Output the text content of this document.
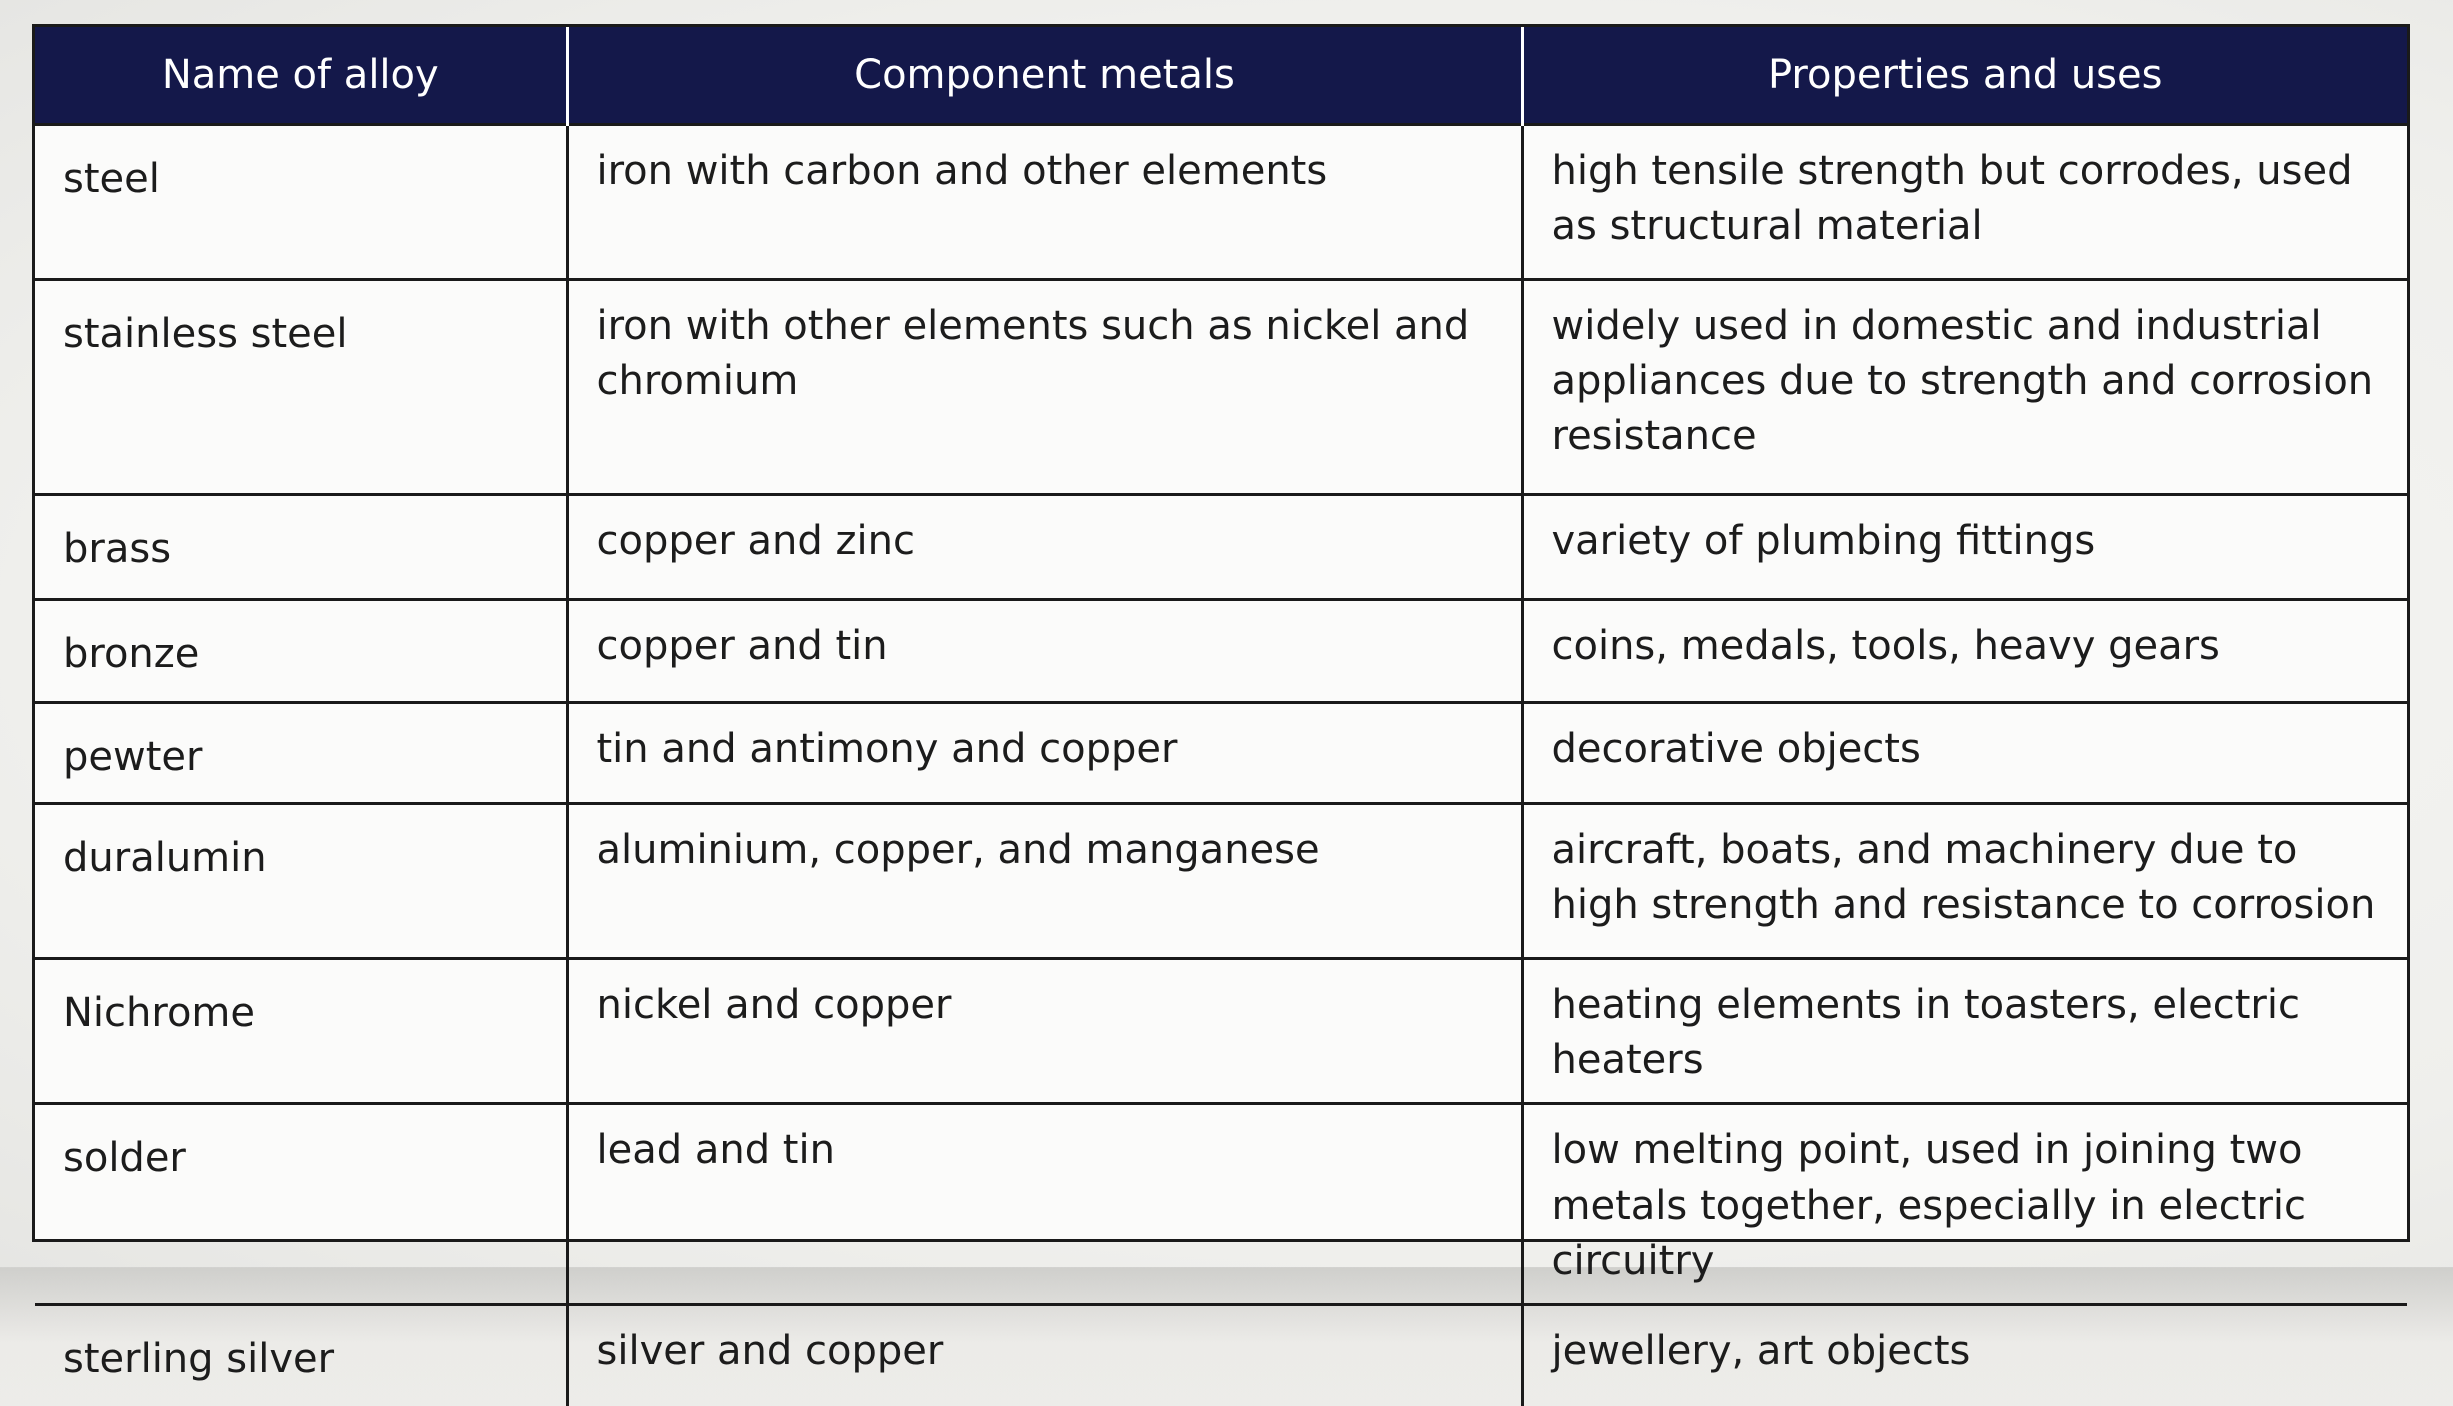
Name of alloy	Component metals	Properties and uses
steel	iron with carbon and other elements	high tensile strength but corrodes, used as structural material
stainless steel	iron with other elements such as nickel and chromium	widely used in domestic and industrial appliances due to strength and corrosion resistance
brass	copper and zinc	variety of plumbing fittings
bronze	copper and tin	coins, medals, tools, heavy gears
pewter	tin and antimony and copper	decorative objects
duralumin	aluminium, copper, and manganese	aircraft, boats, and machinery due to high strength and resistance to corrosion
Nichrome	nickel and copper	heating elements in toasters, electric heaters
solder	lead and tin	low melting point, used in joining two metals together, especially in electric circuitry
sterling silver	silver and copper	jewellery, art objects
